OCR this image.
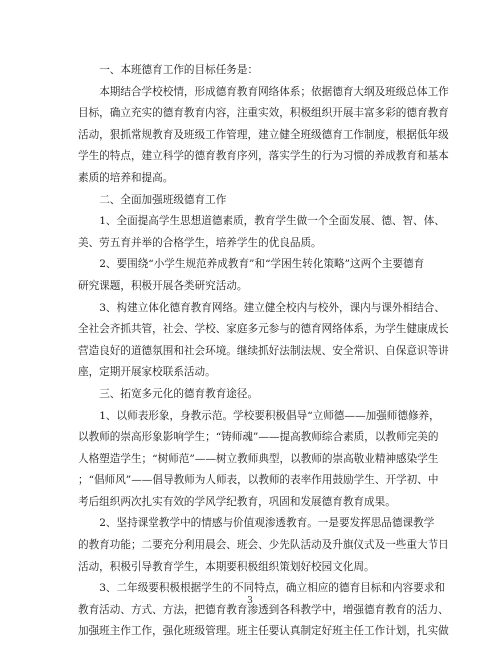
一、本班德育工作的目标任务是：
本期结合学校校情，形成德育教育网络体系；依据德育大纲及班级总体工作
目标，确立充实的德育教育内容，注重实效，积极组织开展丰富多彩的德育教育
活动，狠抓常规教育及班级工作管理，建立健全班级德育工作制度，根据低年级
学生的特点，建立科学的德育教育序列，落实学生的行为习惯的养成教育和基本
素质的培养和提高。
二、全面加强班级德育工作
1、全面提高学生思想道德素质，教育学生做一个全面发展、德、智、体、
美、劳五育并举的合格学生，培养学生的优良品质。
2、要围绕“小学生规范养成教育”和“学困生转化策略”这两个主要德育
研究课题，积极开展各类研究活动。
3、构建立体化德育教育网络。建立健全校内与校外，课内与课外相结合、
全社会齐抓共管，社会、学校、家庭多元参与的德育网络体系，为学生健康成长
营造良好的道德氛围和社会环境。继续抓好法制法规、安全常识、自保意识等讲
座，定期开展家校联系活动。
三、拓宽多元化的德育教育途径。
1、以师表形象，身教示范。学校要积极倡导“立师德——加强师德修养，
以教师的崇高形象影响学生；“铸师魂”——提高教师综合素质，以教师完美的
人格塑造学生；“树师范”——树立教师典型，以教师的崇高敬业精神感染学生
；“倡师风”——倡导教师为人师表，以教师的表率作用鼓励学生、开学初、中
考后组织两次扎实有效的学风学纪教育，巩固和发展德育教育成果。
2、坚持课堂教学中的情感与价值观渗透教育。一是要发挥思品德课教学
的教育功能；二要充分利用晨会、班会、少先队活动及升旗仪式及一些重大节日
活动，积极引导教育学生，本期要积极组织策划好校园文化周。
3、二年级要积极根据学生的不同特点，确立相应的德育目标和内容要求和
教育活动、方式、方法，把德育教育渗透到各科教学中，增强德育教育的活力、
加强班主作工作，强化班级管理。班主任要认真制定好班主任工作计划，扎实做
3
